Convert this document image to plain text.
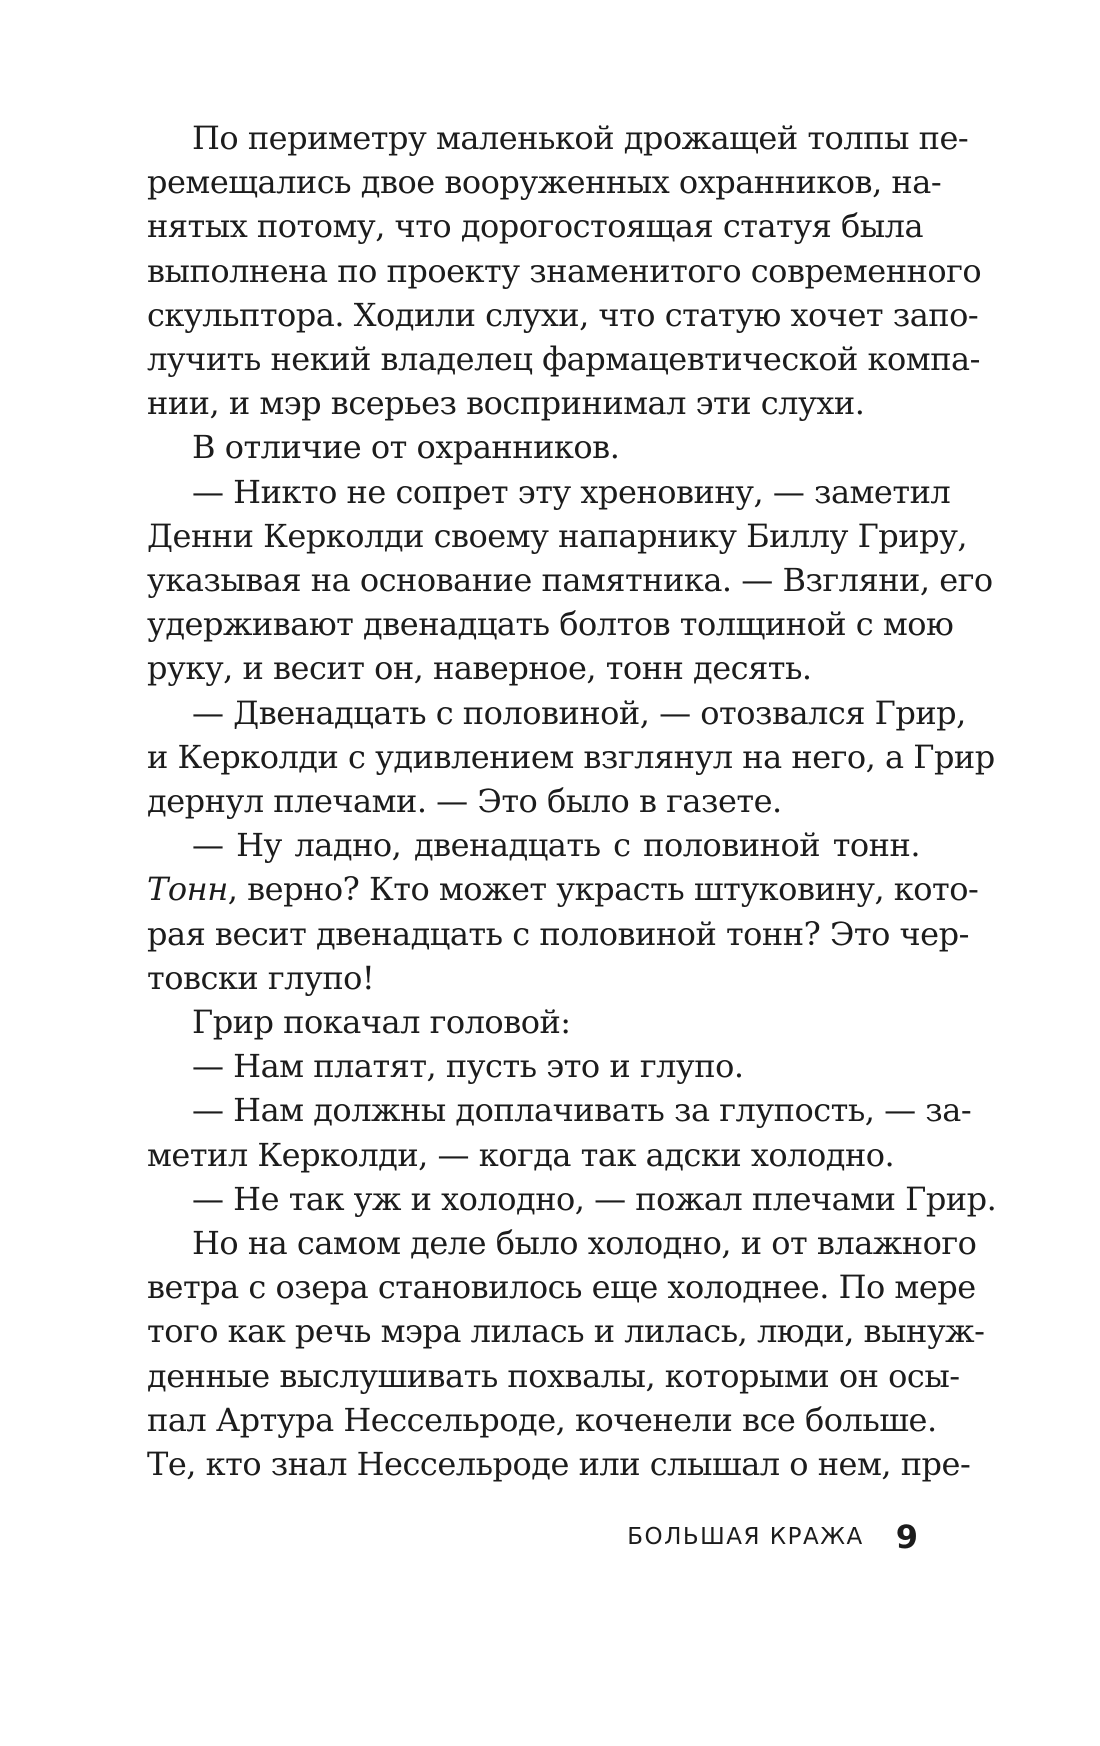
По периметру маленькой дрожащей толпы пе-
ремещались двое вооруженных охранников, на-
нятых потому, что дорогостоящая статуя была
выполнена по проекту знаменитого современного
скульптора. Ходили слухи, что статую хочет запо-
лучить некий владелец фармацевтической компа-
нии, и мэр всерьез воспринимал эти слухи.
В отличие от охранников.
— Никто не сопрет эту хреновину, — заметил
Денни Керколди своему напарнику Биллу Гриру,
указывая на основание памятника. — Взгляни, его
удерживают двенадцать болтов толщиной с мою
руку, и весит он, наверное, тонн десять.
— Двенадцать с половиной, — отозвался Грир,
и Керколди с удивлением взглянул на него, а Грир
дернул плечами. — Это было в газете.
— Ну ладно, двенадцать с половиной тонн.
Тонн, верно? Кто может украсть штуковину, кото-
рая весит двенадцать с половиной тонн? Это чер-
товски глупо!
Грир покачал головой:
— Нам платят, пусть это и глупо.
— Нам должны доплачивать за глупость, — за-
метил Керколди, — когда так адски холодно.
— Не так уж и холодно, — пожал плечами Грир.
Но на самом деле было холодно, и от влажного
ветра с озера становилось еще холоднее. По мере
того как речь мэра лилась и лилась, люди, вынуж-
денные выслушивать похвалы, которыми он осы-
пал Артура Нессельроде, коченели все больше.
Те, кто знал Нессельроде или слышал о нем, пре-
БОЛЬШАЯ КРАЖА 9
